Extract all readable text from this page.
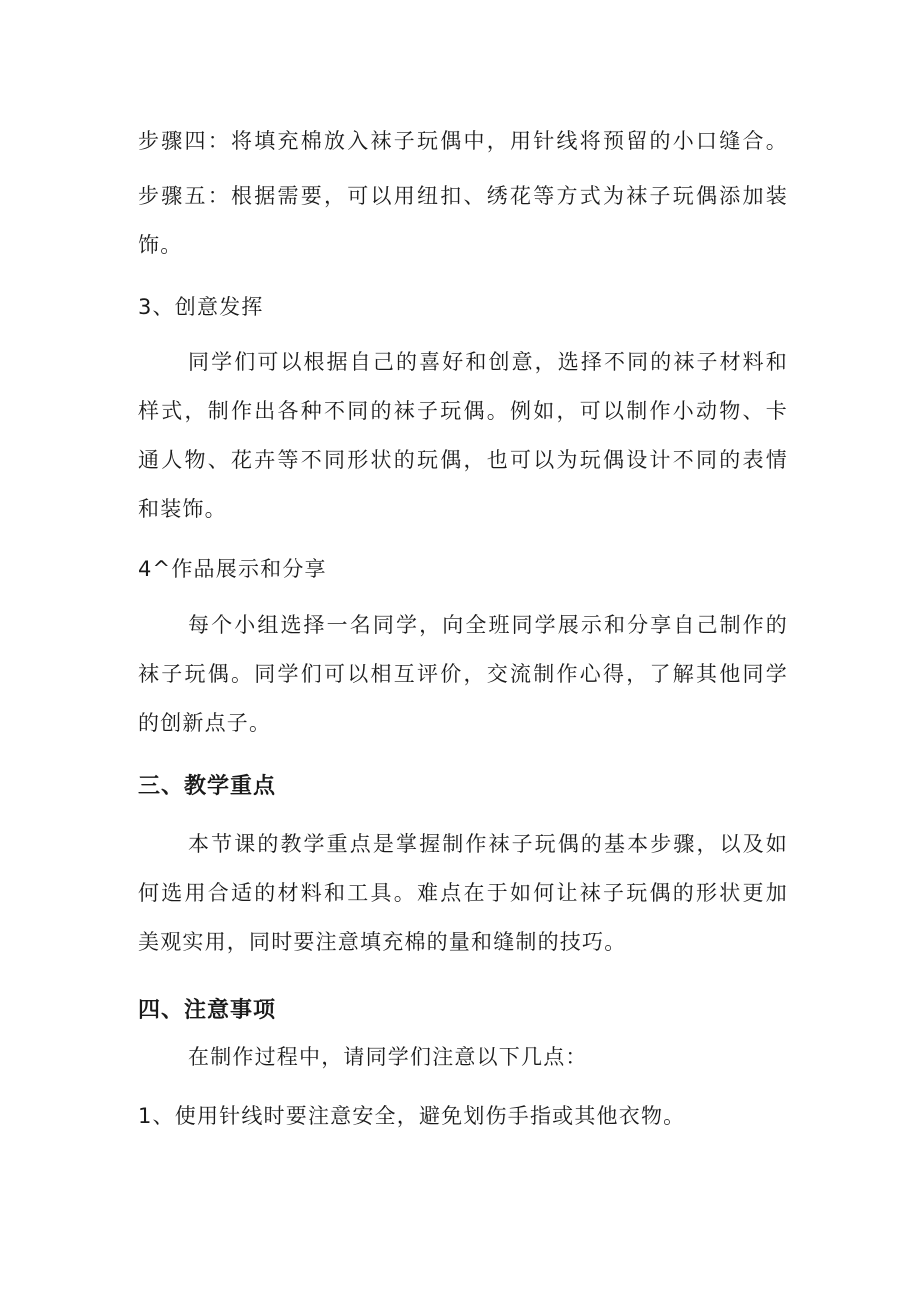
步骤四：将填充棉放入袜子玩偶中，用针线将预留的小口缝合。
步骤五：根据需要，可以用纽扣、绣花等方式为袜子玩偶添加装
饰。
3、创意发挥
同学们可以根据自己的喜好和创意，选择不同的袜子材料和
样式，制作出各种不同的袜子玩偶。例如，可以制作小动物、卡
通人物、花卉等不同形状的玩偶，也可以为玩偶设计不同的表情
和装饰。
4^作品展示和分享
每个小组选择一名同学，向全班同学展示和分享自己制作的
袜子玩偶。同学们可以相互评价，交流制作心得，了解其他同学
的创新点子。
三、教学重点
本节课的教学重点是掌握制作袜子玩偶的基本步骤，以及如
何选用合适的材料和工具。难点在于如何让袜子玩偶的形状更加
美观实用，同时要注意填充棉的量和缝制的技巧。
四、注意事项
在制作过程中，请同学们注意以下几点：
1、使用针线时要注意安全，避免划伤手指或其他衣物。
